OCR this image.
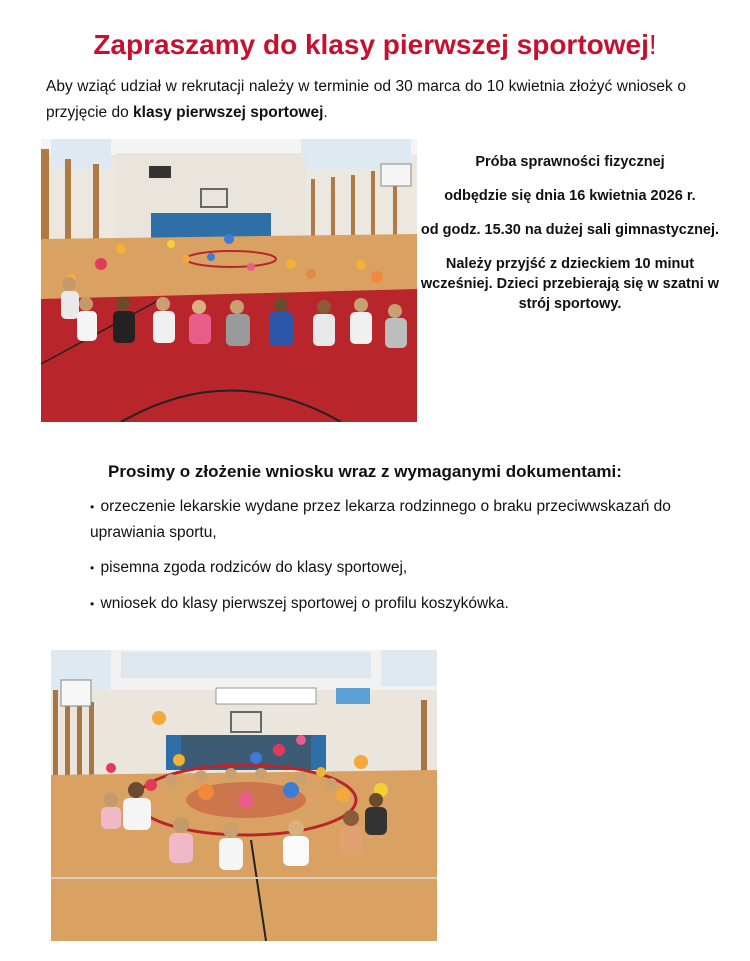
Zapraszamy do klasy pierwszej sportowej!

Aby wziąć udział w rekrutacji należy w terminie od 30 marca do 10 kwietnia złożyć wniosek o przyjęcie do klasy pierwszej sportowej.

Próba sprawności fizycznej

odbędzie się dnia 16 kwietnia 2026 r.

od godz. 15.30 na dużej sali gimnastycznej.

Należy przyjść z dzieckiem 10 minut wcześniej. Dzieci przebierają się w szatni w strój sportowy.

Prosimy o złożenie wniosku wraz z wymaganymi dokumentami:
• orzeczenie lekarskie wydane przez lekarza rodzinnego o braku przeciwwskazań do uprawiania sportu,
• pisemna zgoda rodziców do klasy sportowej,
• wniosek do klasy pierwszej sportowej o profilu koszykówka.
